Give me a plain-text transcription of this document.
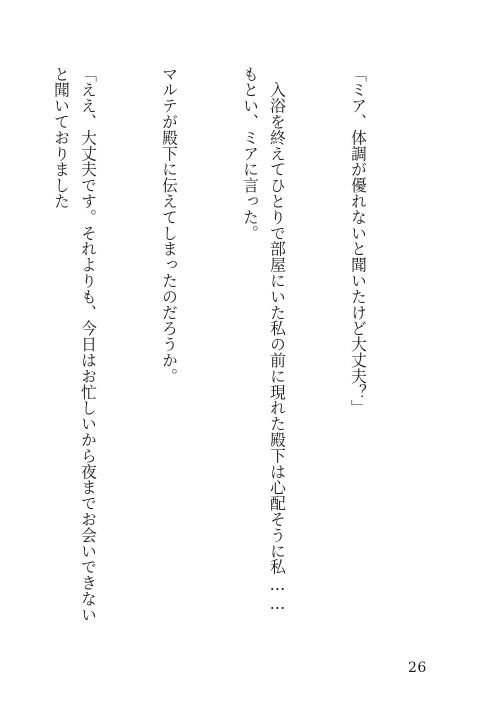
「ミア、体調が優れないと聞いたけど大丈夫？」

　入浴を終えてひとりで部屋にいた私の前に現れた殿下は心配そうに私……もとい、ミアに言った。

マルテが殿下に伝えてしまったのだろうか。

「ええ、大丈夫です。それよりも、今日はお忙しいから夜までお会いできないと聞いておりました

26
